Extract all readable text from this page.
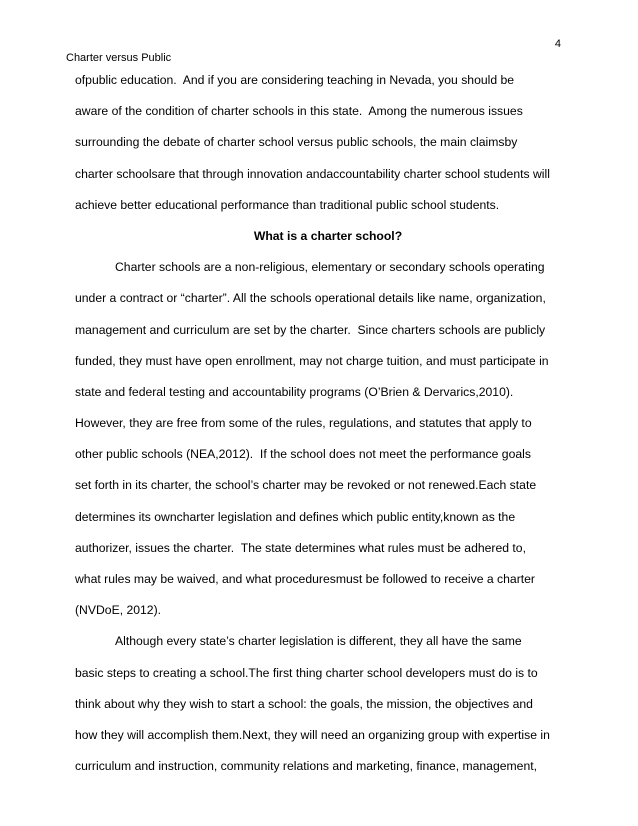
4
Charter versus Public
ofpublic education.  And if you are considering teaching in Nevada, you should be
aware of the condition of charter schools in this state.  Among the numerous issues
surrounding the debate of charter school versus public schools, the main claimsby
charter schoolsare that through innovation andaccountability charter school students will
achieve better educational performance than traditional public school students.
What is a charter school?
Charter schools are a non-religious, elementary or secondary schools operating
under a contract or “charter”. All the schools operational details like name, organization,
management and curriculum are set by the charter.  Since charters schools are publicly
funded, they must have open enrollment, may not charge tuition, and must participate in
state and federal testing and accountability programs (O’Brien & Dervarics,2010).
However, they are free from some of the rules, regulations, and statutes that apply to
other public schools (NEA,2012).  If the school does not meet the performance goals
set forth in its charter, the school’s charter may be revoked or not renewed.Each state
determines its owncharter legislation and defines which public entity,known as the
authorizer, issues the charter.  The state determines what rules must be adhered to,
what rules may be waived, and what proceduresmust be followed to receive a charter
(NVDoE, 2012).
Although every state’s charter legislation is different, they all have the same
basic steps to creating a school.The first thing charter school developers must do is to
think about why they wish to start a school: the goals, the mission, the objectives and
how they will accomplish them.Next, they will need an organizing group with expertise in
curriculum and instruction, community relations and marketing, finance, management,
